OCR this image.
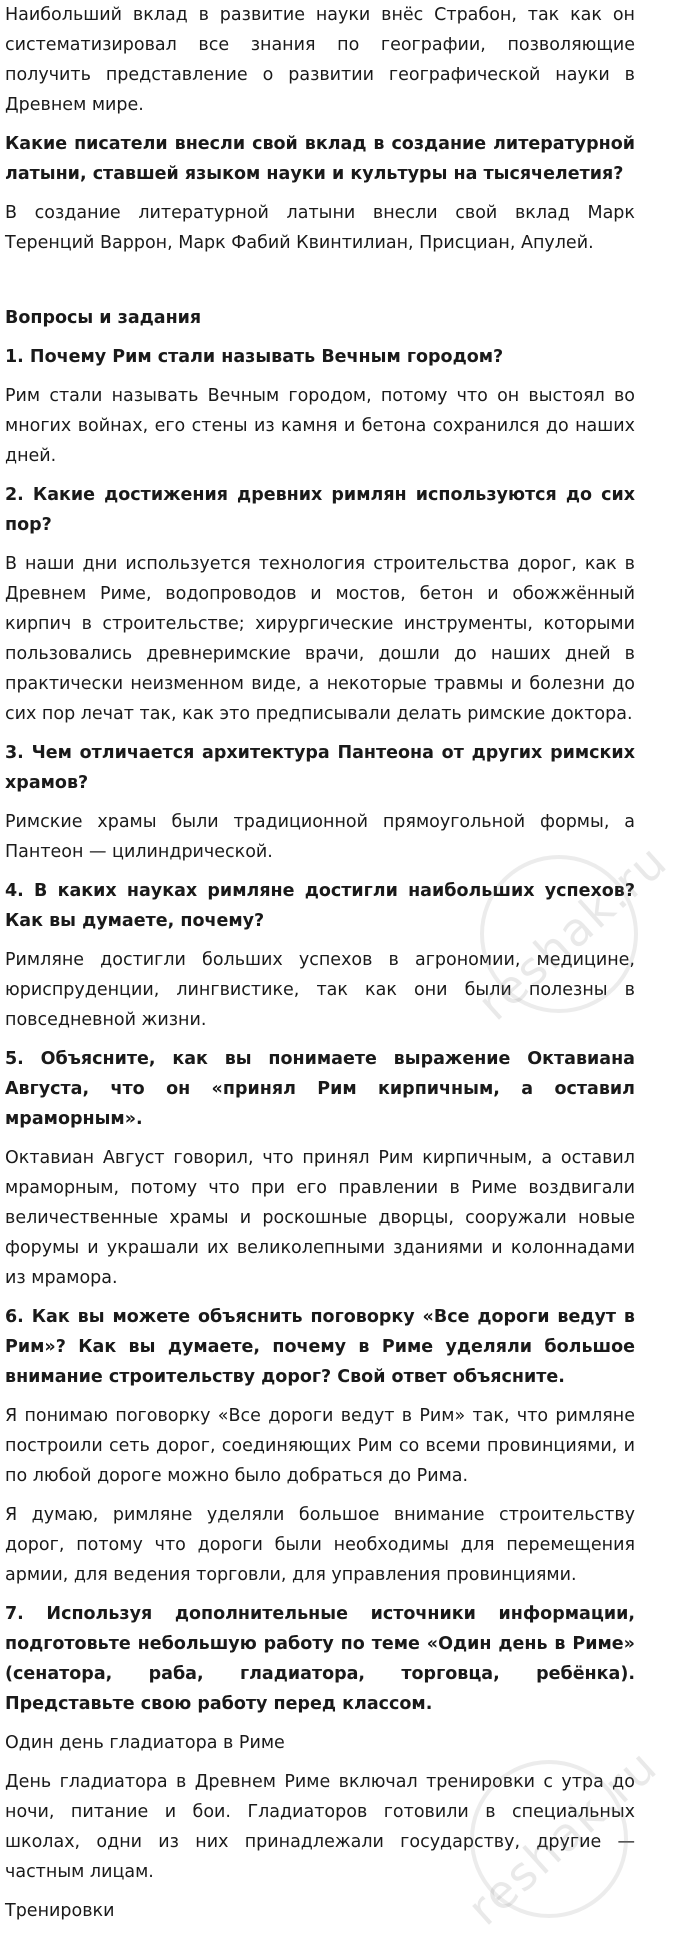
Наибольший вклад в развитие науки внёс Страбон, так как он систематизировал все знания по географии, позволяющие получить представление о развитии географической науки в Древнем мире.

Какие писатели внесли свой вклад в создание литературной латыни, ставшей языком науки и культуры на тысячелетия?

В создание литературной латыни внесли свой вклад Марк Теренций Варрон, Марк Фабий Квинтилиан, Присциан, Апулей.

Вопросы и задания

1. Почему Рим стали называть Вечным городом?

Рим стали называть Вечным городом, потому что он выстоял во многих войнах, его стены из камня и бетона сохранился до наших дней.

2. Какие достижения древних римлян используются до сих пор?

В наши дни используется технология строительства дорог, как в Древнем Риме, водопроводов и мостов, бетон и обожжённый кирпич в строительстве; хирургические инструменты, которыми пользовались древнеримские врачи, дошли до наших дней в практически неизменном виде, а некоторые травмы и болезни до сих пор лечат так, как это предписывали делать римские доктора.

3. Чем отличается архитектура Пантеона от других римских храмов?

Римские храмы были традиционной прямоугольной формы, а Пантеон — цилиндрической.

4. В каких науках римляне достигли наибольших успехов? Как вы думаете, почему?

Римляне достигли больших успехов в агрономии, медицине, юриспруденции, лингвистике, так как они были полезны в повседневной жизни.

5. Объясните, как вы понимаете выражение Октавиана Августа, что он «принял Рим кирпичным, а оставил мраморным».

Октавиан Август говорил, что принял Рим кирпичным, а оставил мраморным, потому что при его правлении в Риме воздвигали величественные храмы и роскошные дворцы, сооружали новые форумы и украшали их великолепными зданиями и колоннадами из мрамора.

6. Как вы можете объяснить поговорку «Все дороги ведут в Рим»? Как вы думаете, почему в Риме уделяли большое внимание строительству дорог? Свой ответ объясните.

Я понимаю поговорку «Все дороги ведут в Рим» так, что римляне построили сеть дорог, соединяющих Рим со всеми провинциями, и по любой дороге можно было добраться до Рима.

Я думаю, римляне уделяли большое внимание строительству дорог, потому что дороги были необходимы для перемещения армии, для ведения торговли, для управления провинциями.

7. Используя дополнительные источники информации, подготовьте небольшую работу по теме «Один день в Риме» (сенатора, раба, гладиатора, торговца, ребёнка). Представьте свою работу перед классом.

Один день гладиатора в Риме

День гладиатора в Древнем Риме включал тренировки с утра до ночи, питание и бои. Гладиаторов готовили в специальных школах, одни из них принадлежали государству, другие — частным лицам.

Тренировки

reshak.ru
reshak.ru
